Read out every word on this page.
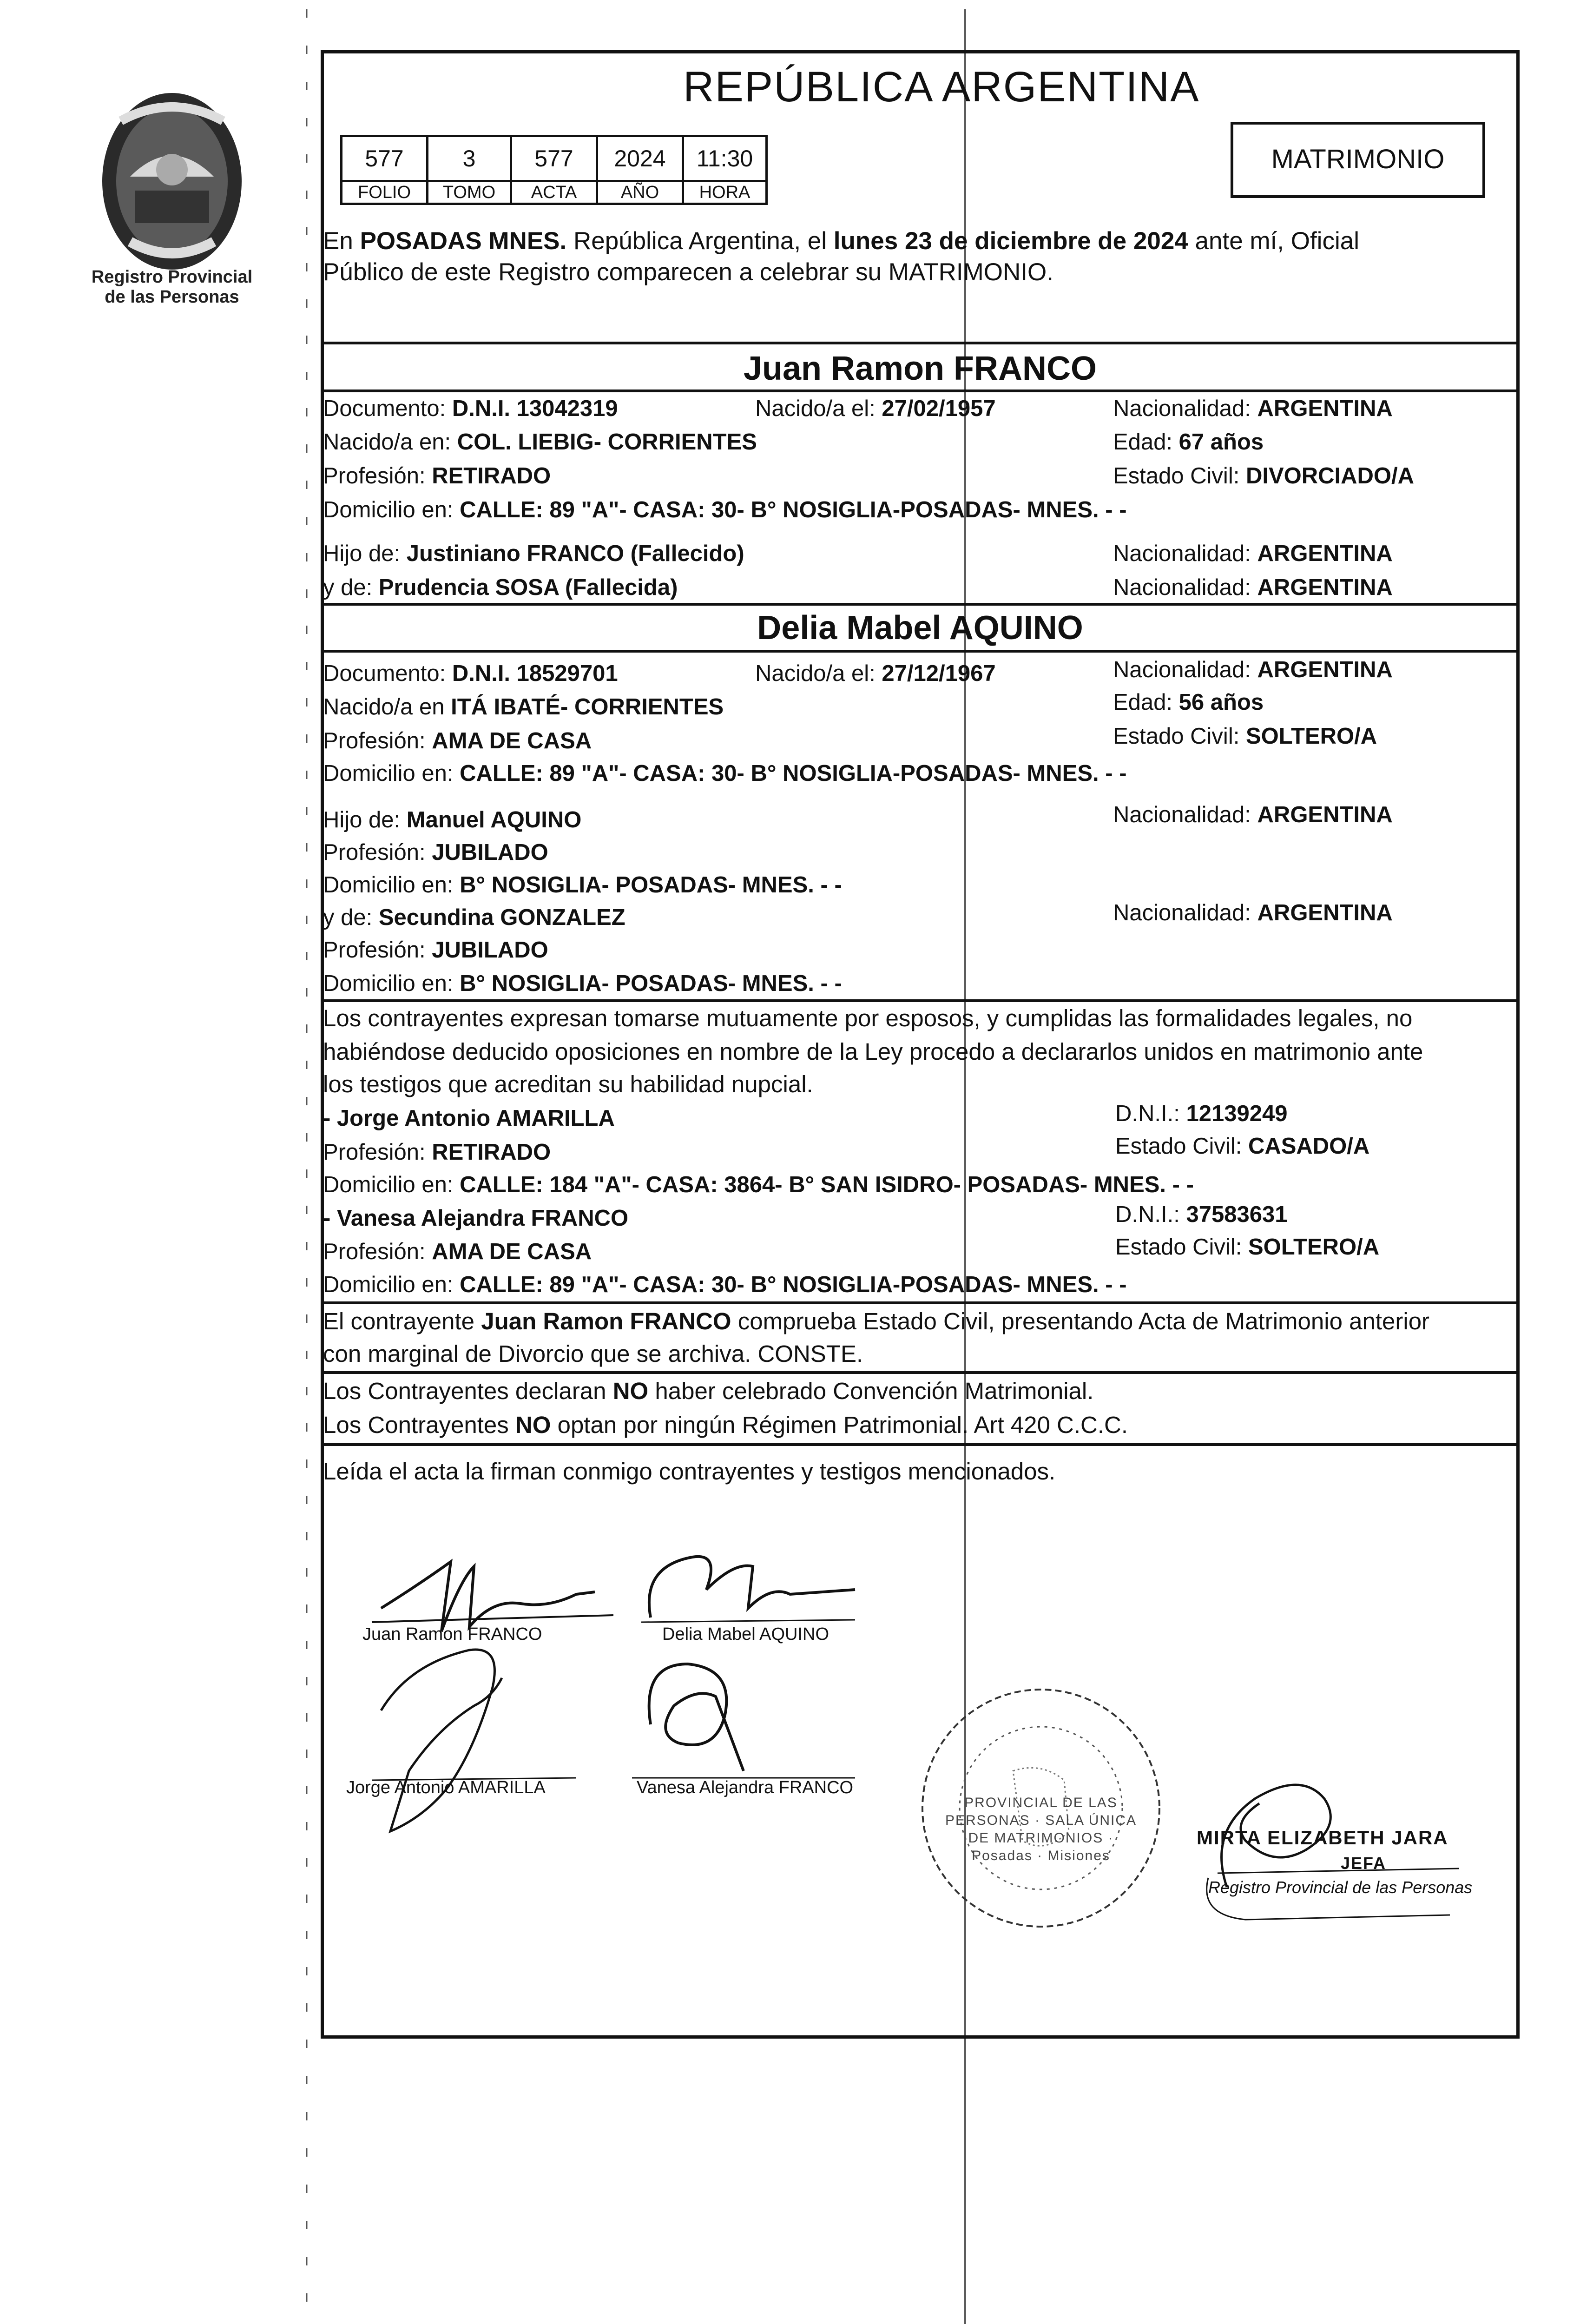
Registro Provincial
de las Personas
REPÚBLICA ARGENTINA
577	3	577	2024	11:30
FOLIO	TOMO	ACTA	AÑO	HORA
MATRIMONIO
En POSADAS MNES. República Argentina, el lunes 23 de diciembre de 2024 ante mí, Oficial
Público de este Registro comparecen a celebrar su MATRIMONIO.
Juan Ramon FRANCO
Documento: D.N.I. 13042319	Nacido/a el: 27/02/1957	Nacionalidad: ARGENTINA
Nacido/a en: COL. LIEBIG- CORRIENTES	Edad: 67 años
Profesión: RETIRADO	Estado Civil: DIVORCIADO/A
Domicilio en: CALLE: 89 "A"- CASA: 30- B° NOSIGLIA-POSADAS- MNES. - -
Hijo de: Justiniano FRANCO (Fallecido)	Nacionalidad: ARGENTINA
y de: Prudencia SOSA (Fallecida)	Nacionalidad: ARGENTINA
Delia Mabel AQUINO
Documento: D.N.I. 18529701	Nacido/a el: 27/12/1967	Nacionalidad: ARGENTINA
Nacido/a en ITÁ IBATÉ- CORRIENTES	Edad: 56 años
Profesión: AMA DE CASA	Estado Civil: SOLTERO/A
Domicilio en: CALLE: 89 "A"- CASA: 30- B° NOSIGLIA-POSADAS- MNES. - -
Hijo de: Manuel AQUINO	Nacionalidad: ARGENTINA
Profesión: JUBILADO
Domicilio en: B° NOSIGLIA- POSADAS- MNES. - -
y de: Secundina GONZALEZ	Nacionalidad: ARGENTINA
Profesión: JUBILADO
Domicilio en: B° NOSIGLIA- POSADAS- MNES. - -
Los contrayentes expresan tomarse mutuamente por esposos, y cumplidas las formalidades legales, no
habiéndose deducido oposiciones en nombre de la Ley procedo a declararlos unidos en matrimonio ante
los testigos que acreditan su habilidad nupcial.
- Jorge Antonio AMARILLA	D.N.I.: 12139249
Profesión: RETIRADO	Estado Civil: CASADO/A
Domicilio en: CALLE: 184 "A"- CASA: 3864- B° SAN ISIDRO- POSADAS- MNES. - -
- Vanesa Alejandra FRANCO	D.N.I.: 37583631
Profesión: AMA DE CASA	Estado Civil: SOLTERO/A
Domicilio en: CALLE: 89 "A"- CASA: 30- B° NOSIGLIA-POSADAS- MNES. - -
El contrayente Juan Ramon FRANCO comprueba Estado Civil, presentando Acta de Matrimonio anterior
con marginal de Divorcio que se archiva. CONSTE.
Los Contrayentes declaran NO haber celebrado Convención Matrimonial.
Los Contrayentes NO optan por ningún Régimen Patrimonial. Art 420 C.C.C.
Leída el acta la firman conmigo contrayentes y testigos mencionados.
Juan Ramon FRANCO	Delia Mabel AQUINO
Jorge Antonio AMARILLA	Vanesa Alejandra FRANCO
PROVINCIAL DE LAS PERSONAS · SALA ÚNICA DE MATRIMONIOS · Posadas · Misiones
MIRTA ELIZABETH JARA
JEFA
Registro Provincial de las Personas
